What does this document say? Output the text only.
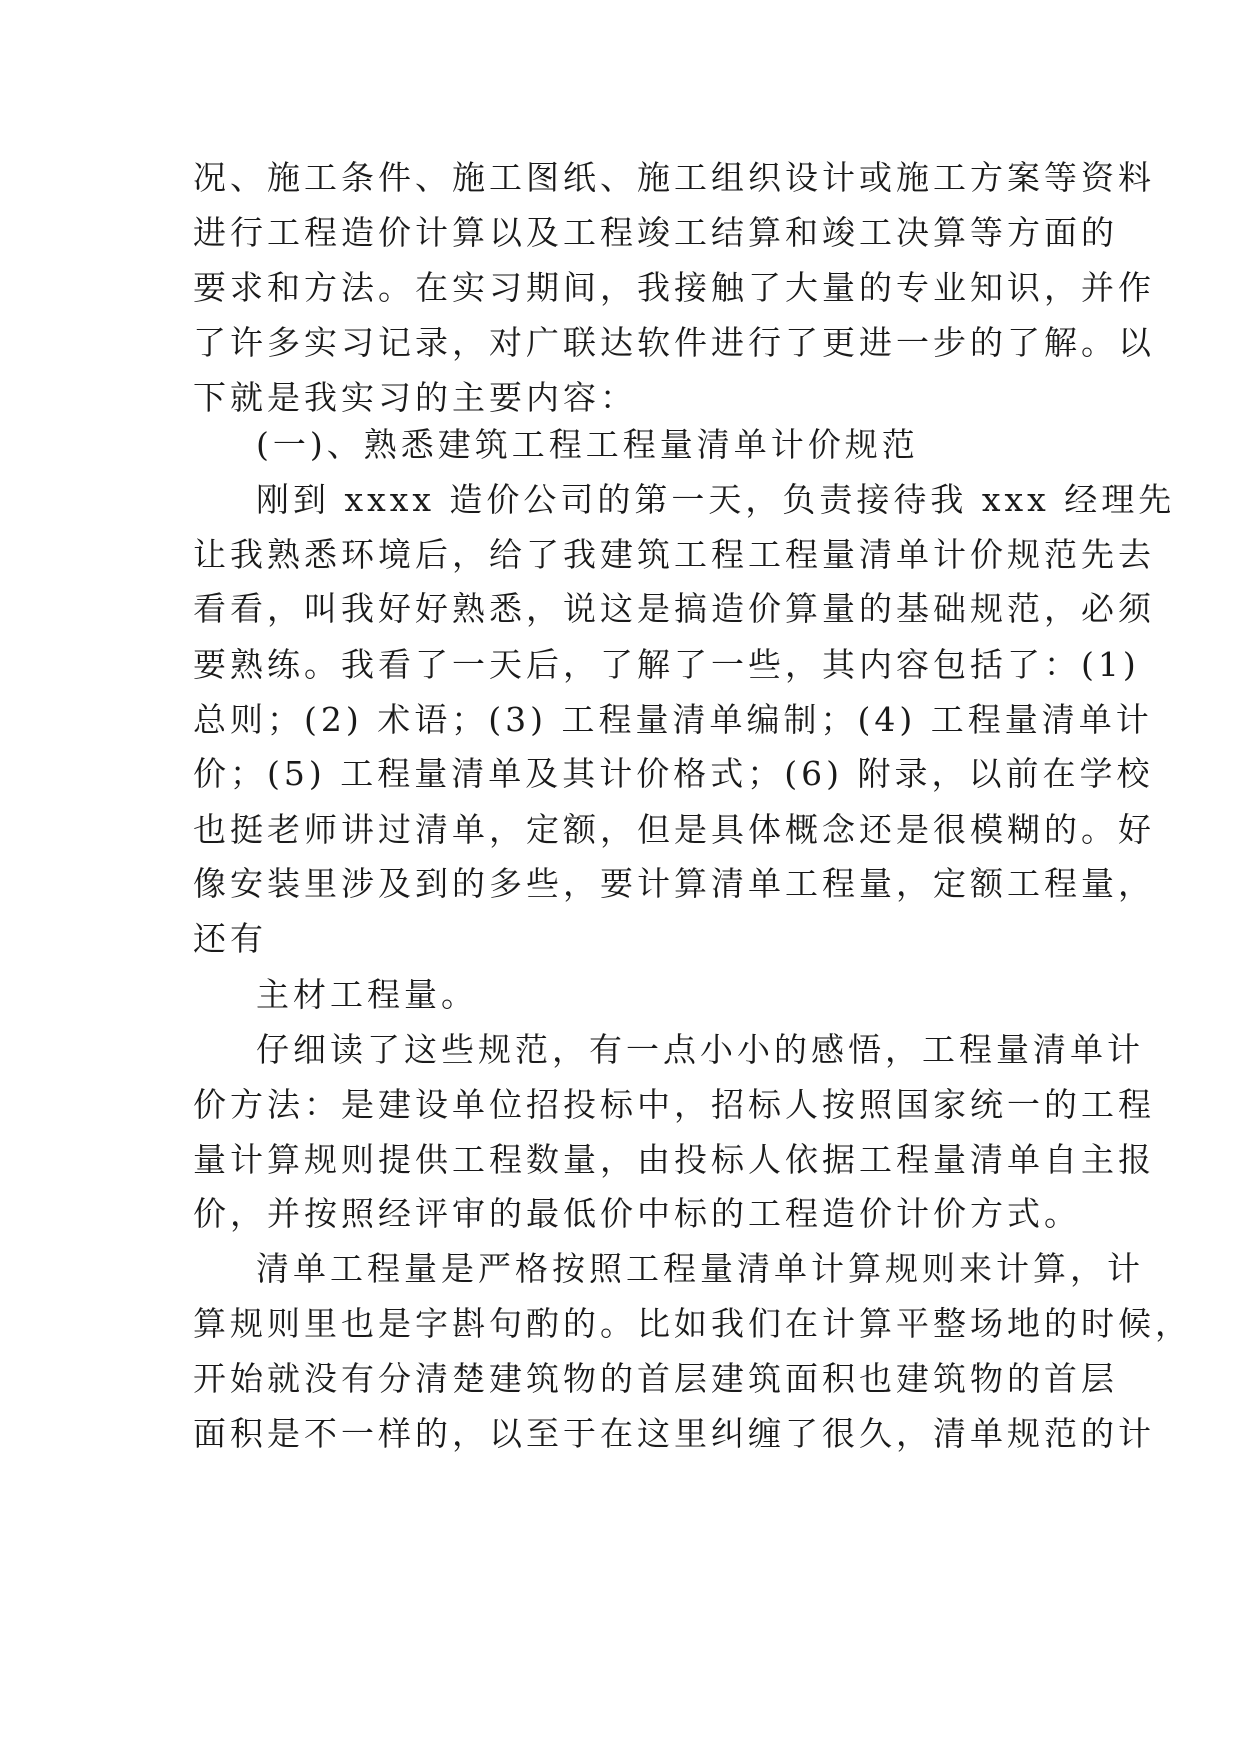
况、施工条件、施工图纸、施工组织设计或施工方案等资料
进行工程造价计算以及工程竣工结算和竣工决算等方面的
要求和方法。在实习期间，我接触了大量的专业知识，并作
了许多实习记录，对广联达软件进行了更进一步的了解。以
下就是我实习的主要内容：
(一)、熟悉建筑工程工程量清单计价规范
刚到 xxxx 造价公司的第一天，负责接待我 xxx 经理先
让我熟悉环境后，给了我建筑工程工程量清单计价规范先去
看看，叫我好好熟悉，说这是搞造价算量的基础规范，必须
要熟练。我看了一天后，了解了一些，其内容包括了：(1)
总则；(2) 术语；(3) 工程量清单编制；(4) 工程量清单计
价；(5) 工程量清单及其计价格式；(6) 附录，以前在学校
也挺老师讲过清单，定额，但是具体概念还是很模糊的。好
像安装里涉及到的多些，要计算清单工程量，定额工程量，
还有
主材工程量。
仔细读了这些规范，有一点小小的感悟，工程量清单计
价方法：是建设单位招投标中，招标人按照国家统一的工程
量计算规则提供工程数量，由投标人依据工程量清单自主报
价，并按照经评审的最低价中标的工程造价计价方式。
清单工程量是严格按照工程量清单计算规则来计算，计
算规则里也是字斟句酌的。比如我们在计算平整场地的时候，
开始就没有分清楚建筑物的首层建筑面积也建筑物的首层
面积是不一样的，以至于在这里纠缠了很久，清单规范的计
